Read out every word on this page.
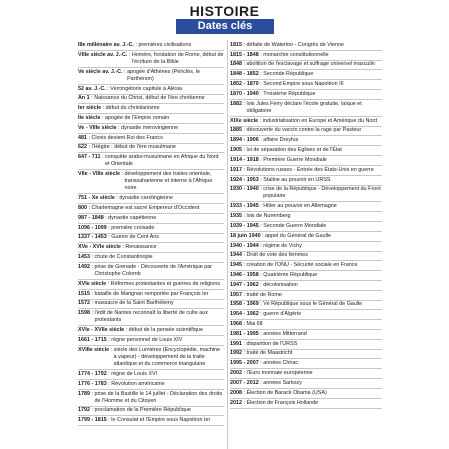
HISTOIRE
Dates clés
IIIe millénaire av. J.-C. : premières civilisations
VIIIe siècle av. J.-C. : Homère, fondation de Rome, début de l'écriture de la Bible
Ve siècle av. J.-C. : apogée d'Athènes (Périclès, le Parthénon)
52 av. J.-C. : Vercingétorix capitule à Alésia
An 1 : Naissance du Christ, début de l'ère chrétienne
Ier siècle : début du christianisme
IIe siècle : apogée de l'Empire romain
Ve - VIIIe siècle : dynastie mérovingienne
481 : Clovis devient Roi des Francs
622 : l'Hégire : début de l'ère musulmane
647 - 711 : conquête arabo-musulmane en Afrique du Nord et Orientale
VIIe - VIIIe siècle : développement des traites orientale, transsaharienne et interne à l'Afrique noire
751 - Xe siècle : dynastie carolingienne
800 : Charlemagne est sacré Empereur d'Occident
987 - 1848 : dynastie capétienne
1096 - 1099 : première croisade
1337 - 1453 : Guerre de Cent Ans
XVe - XVIe siècle : Renaissance
1453 : chute de Constantinople
1492 : prise de Grenade - Découverte de l'Amérique par Christophe Colomb
XVIe siècle : Réformes protestantes et guerres de religions
1515 : bataille de Marignan remportée par François Ier
1572 : massacre de la Saint Barthélemy
1598 : l'édit de Nantes reconnaît la liberté de culte aux protestants
XVIe - XVIIe siècle : début de la pensée scientifique
1661 - 1715 : règne personnel de Louis XIV
XVIIIe siècle : siècle des Lumières (Encyclopédie, machine à vapeur) - développement de la traite atlantique et du commerce triangulaire
1774 - 1792 : règne de Louis XVI
1776 - 1783 : Révolution américaine
1789 : prise de la Bastille le 14 juillet - Déclaration des droits de l'Homme et du Citoyen
1792 : proclamation de la Première République
1799 - 1815 : le Consulat et l'Empire sous Napoléon Ier
1815 : défaite de Waterloo - Congrès de Vienne
1815 - 1848 : monarchie constitutionnelle
1848 : abolition de l'esclavage et suffrage universel masculin
1848 - 1852 : Seconde République
1852 - 1870 : Second Empire sous Napoléon III
1870 - 1940 : Troisième République
1882 : lois Jules Ferry déclare l'école gratuite, laïque et obligatoire
XIXe siècle : industrialisation en Europe et Amérique du Nord
1885 : découverte du vaccin contre la rage par Pasteur
1894 - 1906 : affaire Dreyfus
1905 : loi de séparation des Églises et de l'État
1914 - 1918 : Première Guerre Mondiale
1917 : Révolutions russes - Entrée des États-Unis en guerre
1924 - 1953 : Staline au pouvoir en URSS
1930 - 1940 : crise de la République - Développement du Front populaire
1933 - 1945 : Hitler au pouvoir en Allemagne
1935 : lois de Nuremberg
1939 - 1945 : Seconde Guerre Mondiale
18 juin 1940 : appel du Général de Gaulle
1940 - 1944 : régime de Vichy
1944 : Droit de vote des femmes
1945 : création de l'ONU - Sécurité sociale en France
1946 - 1958 : Quatrième République
1947 - 1962 : décolonisation
1957 : traité de Rome
1958 - 1969 : Ve République sous le Général de Gaulle
1954 - 1962 : guerre d'Algérie
1968 : Mai 68
1981 - 1995 : années Mitterrand
1991 : disparition de l'URSS
1992 : traité de Maastricht
1995 - 2007 : années Chirac
2002 : l'Euro monnaie européenne
2007 - 2012 : années Sarkozy
2008 : Élection de Barack Obama (USA)
2012 : Élection de François Hollande
